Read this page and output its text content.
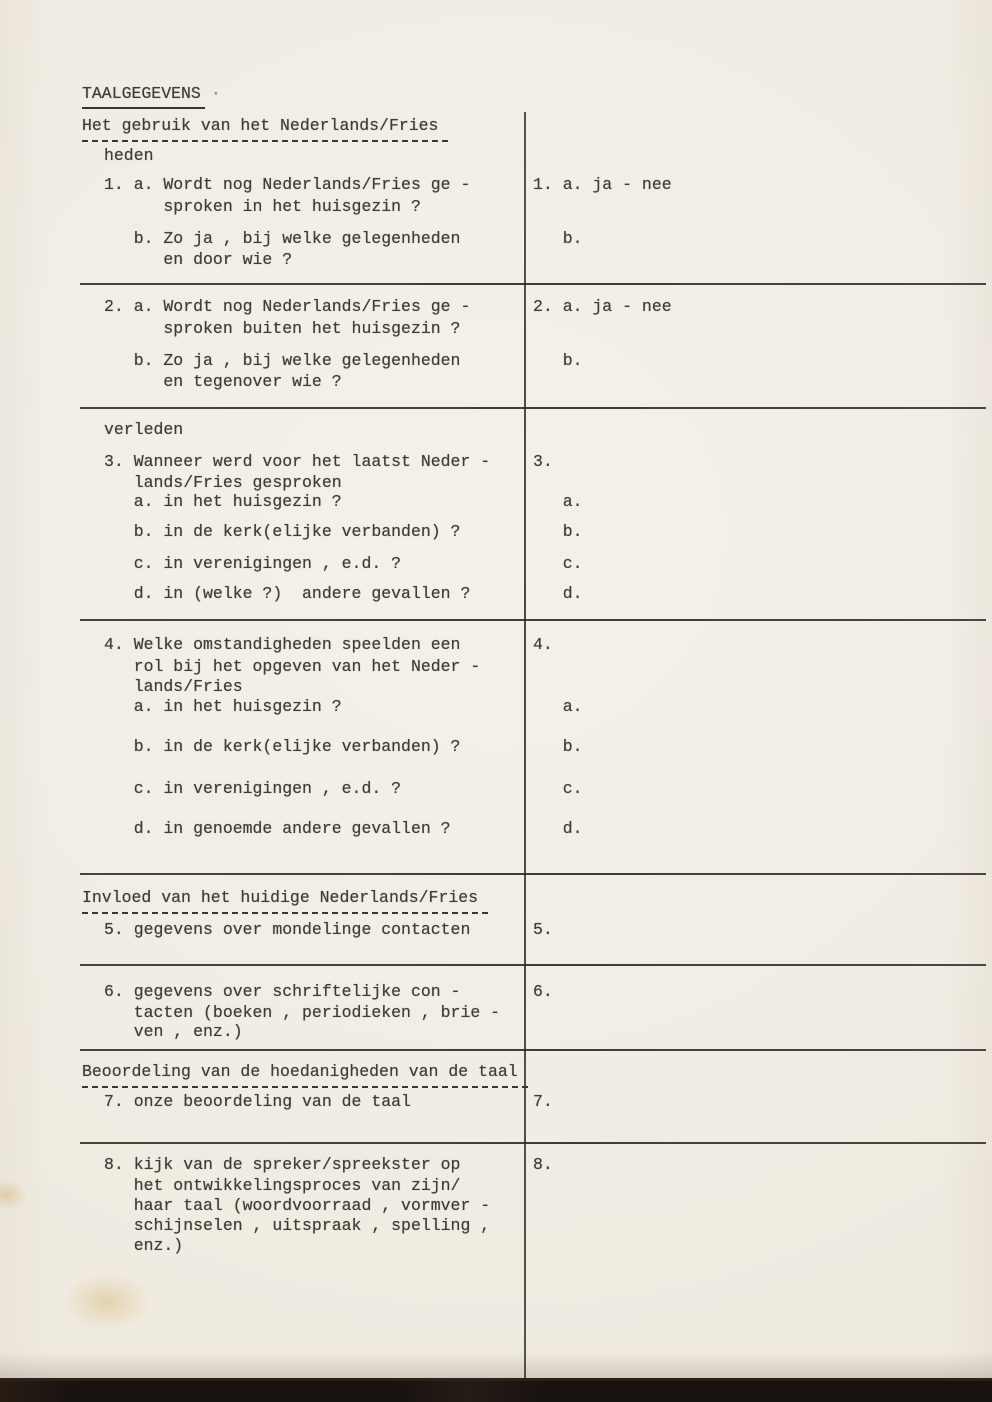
TAALGEGEVENS ·
Het gebruik van het Nederlands/Fries
heden
1. a. Wordt nog Nederlands/Fries ge -
sproken in het huisgezin ?
b. Zo ja , bij welke gelegenheden
en door wie ?
1. a. ja - nee
b.
2. a. Wordt nog Nederlands/Fries ge -
sproken buiten het huisgezin ?
b. Zo ja , bij welke gelegenheden
en tegenover wie ?
2. a. ja - nee
b.
verleden
3. Wanneer werd voor het laatst Neder -
lands/Fries gesproken
a. in het huisgezin ?
b. in de kerk(elijke verbanden) ?
c. in verenigingen , e.d. ?
d. in (welke ?)  andere gevallen ?
3.
a.
b.
c.
d.
4. Welke omstandigheden speelden een
rol bij het opgeven van het Neder -
lands/Fries
a. in het huisgezin ?
b. in de kerk(elijke verbanden) ?
c. in verenigingen , e.d. ?
d. in genoemde andere gevallen ?
4.
a.
b.
c.
d.
Invloed van het huidige Nederlands/Fries
5. gegevens over mondelinge contacten	5.
6. gegevens over schriftelijke con -
tacten (boeken , periodieken , brie -
ven , enz.)
6.
Beoordeling van de hoedanigheden van de taal
7. onze beoordeling van de taal	7.
8. kijk van de spreker/spreekster op
het ontwikkelingsproces van zijn/
haar taal (woordvoorraad , vormver -
schijnselen , uitspraak , spelling ,
enz.)
8.
